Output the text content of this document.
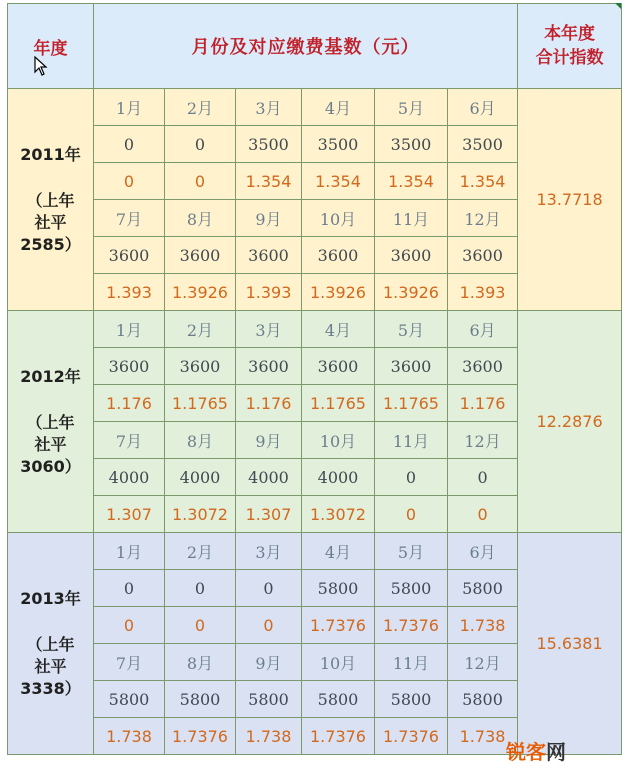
年度	月份及对应缴费基数（元）						本年度
合计指数

2011年
（上年
社平
2585）	1月	2月	3月	4月	5月	6月	13.7718
	0	0	3500	3500	3500	3500	
	0	0	1.354	1.354	1.354	1.354	
	7月	8月	9月	10月	11月	12月	
	3600	3600	3600	3600	3600	3600	
	1.393	1.3926	1.393	1.3926	1.3926	1.393	

2012年
（上年
社平
3060）	1月	2月	3月	4月	5月	6月	12.2876
	3600	3600	3600	3600	3600	3600	
	1.176	1.1765	1.176	1.1765	1.1765	1.176	
	7月	8月	9月	10月	11月	12月	
	4000	4000	4000	4000	0	0	
	1.307	1.3072	1.307	1.3072	0	0	

2013年
（上年
社平
3338）	1月	2月	3月	4月	5月	6月	15.6381
	0	0	0	5800	5800	5800	
	0	0	0	1.7376	1.7376	1.738	
	7月	8月	9月	10月	11月	12月	
	5800	5800	5800	5800	5800	5800	
	1.738	1.7376	1.738	1.7376	1.7376	1.738	
锐客网
